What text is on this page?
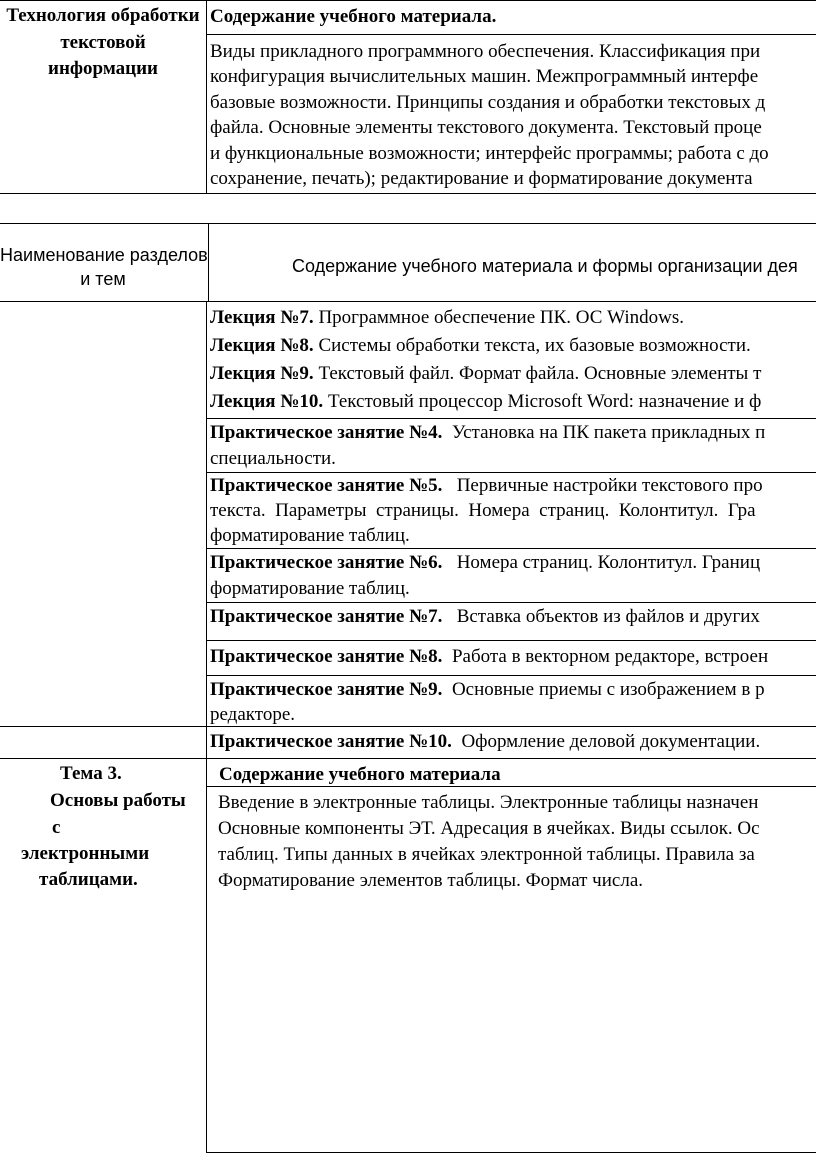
Технология обработки
текстовой
информации
Содержание учебного материала.
Виды прикладного программного обеспечения. Классификация при
конфигурация вычислительных машин. Межпрограммный интерфе
базовые возможности. Принципы создания и обработки текстовых д
файла. Основные элементы текстового документа. Текстовый проце
и функциональные возможности; интерфейс программы; работа с до
сохранение, печать); редактирование и форматирование документа
Наименование разделов
и тем
Содержание учебного материала и формы организации дея
Лекция №7. Программное обеспечение ПК. ОС Windows.
Лекция №8. Системы обработки текста, их базовые возможности.
Лекция №9. Текстовый файл. Формат файла. Основные элементы т
Лекция №10. Текстовый процессор Microsoft Word: назначение и ф
Практическое занятие №4.  Установка на ПК пакета прикладных п
специальности.
Практическое занятие №5.   Первичные настройки текстового про
текста.  Параметры  страницы.  Номера  страниц.  Колонтитул.  Гра
форматирование таблиц.
Практическое занятие №6.   Номера страниц. Колонтитул. Границ
форматирование таблиц.
Практическое занятие №7.   Вставка объектов из файлов и других
Практическое занятие №8.  Работа в векторном редакторе, встроен
Практическое занятие №9.  Основные приемы с изображением в р
редакторе.
Практическое занятие №10.  Оформление деловой документации.
Тема 3.
Основы работы
с
электронными
таблицами.
Содержание учебного материала
Введение в электронные таблицы. Электронные таблицы назначен
Основные компоненты ЭТ. Адресация в ячейках. Виды ссылок. Ос
таблиц. Типы данных в ячейках электронной таблицы. Правила за
Форматирование элементов таблицы. Формат числа.
